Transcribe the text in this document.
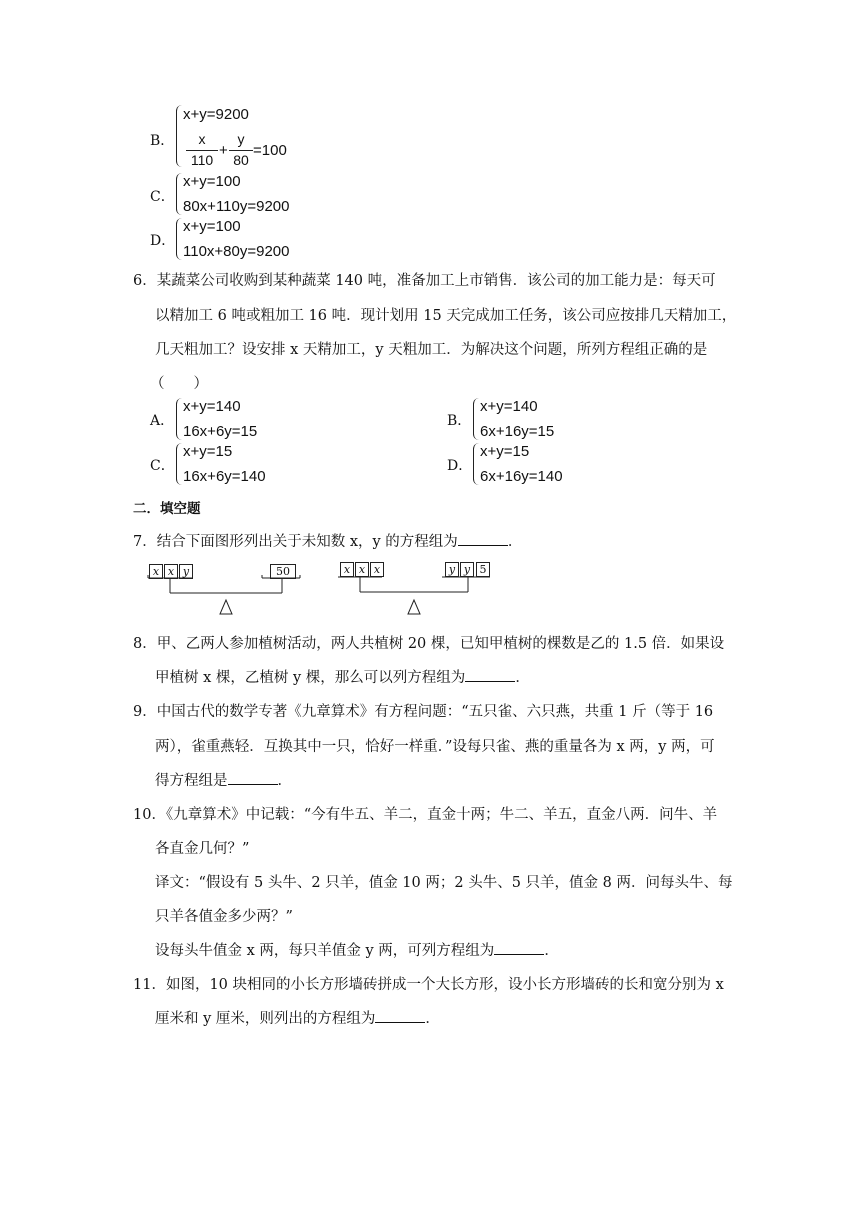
B．
x+y=9200
x
110
+
y
80
=100
C．
x+y=100
80x+110y=9200
D．
x+y=100
110x+80y=9200
6．某蔬菜公司收购到某种蔬菜 140 吨，准备加工上市销售．该公司的加工能力是：每天可
以精加工 6 吨或粗加工 16 吨．现计划用 15 天完成加工任务，该公司应按排几天精加工，
几天粗加工？设安排 x 天精加工，y 天粗加工．为解决这个问题，所列方程组正确的是
（　　）
A．
x+y=140
16x+6y=15
B．
x+y=140
6x+16y=15
C．
x+y=15
16x+6y=140
D．
x+y=15
6x+16y=140
二．填空题
7．结合下面图形列出关于未知数 x，y 的方程组为	．
x x y	50	x x x	y y 5
8．甲、乙两人参加植树活动，两人共植树 20 棵，已知甲植树的棵数是乙的 1.5 倍．如果设
甲植树 x 棵，乙植树 y 棵，那么可以列方程组为	．
9．中国古代的数学专著《九章算术》有方程问题：“五只雀、六只燕，共重 1 斤（等于 16
两），雀重燕轻．互换其中一只，恰好一样重．”设每只雀、燕的重量各为 x 两，y 两，可
得方程组是	．
10．《九章算术》中记载：“今有牛五、羊二，直金十两；牛二、羊五，直金八两．问牛、羊
各直金几何？”
译文：“假设有 5 头牛、2 只羊，值金 10 两；2 头牛、5 只羊，值金 8 两．问每头牛、每
只羊各值金多少两？”
设每头牛值金 x 两，每只羊值金 y 两，可列方程组为	．
11．如图，10 块相同的小长方形墙砖拼成一个大长方形，设小长方形墙砖的长和宽分别为 x
厘米和 y 厘米，则列出的方程组为	．
